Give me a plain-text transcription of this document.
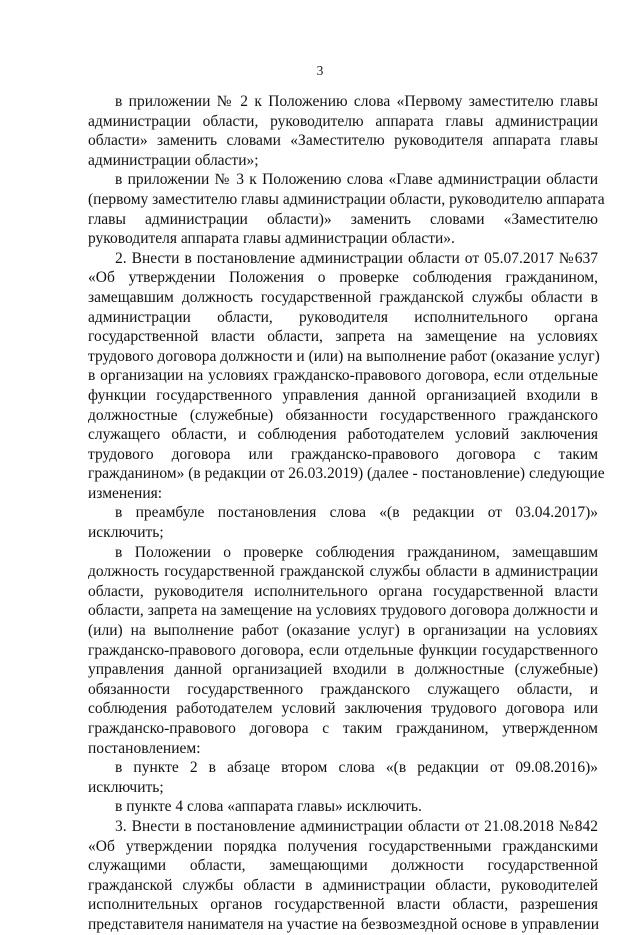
3
в приложении № 2 к Положению слова «Первому заместителю главы
администрации области, руководителю аппарата главы администрации
области» заменить словами «Заместителю руководителя аппарата главы
администрации области»;
в приложении № 3 к Положению слова «Главе администрации области
(первому заместителю главы администрации области, руководителю аппарата
главы администрации области)» заменить словами «Заместителю
руководителя аппарата главы администрации области».
2. Внести в постановление администрации области от 05.07.2017 №637
«Об утверждении Положения о проверке соблюдения гражданином,
замещавшим должность государственной гражданской службы области в
администрации области, руководителя исполнительного органа
государственной власти области, запрета на замещение на условиях
трудового договора должности и (или) на выполнение работ (оказание услуг)
в организации на условиях гражданско-правового договора, если отдельные
функции государственного управления данной организацией входили в
должностные (служебные) обязанности государственного гражданского
служащего области, и соблюдения работодателем условий заключения
трудового договора или гражданско-правового договора с таким
гражданином» (в редакции от 26.03.2019) (далее - постановление) следующие
изменения:
в преамбуле постановления слова «(в редакции от 03.04.2017)»
исключить;
в Положении о проверке соблюдения гражданином, замещавшим
должность государственной гражданской службы области в администрации
области, руководителя исполнительного органа государственной власти
области, запрета на замещение на условиях трудового договора должности и
(или) на выполнение работ (оказание услуг) в организации на условиях
гражданско-правового договора, если отдельные функции государственного
управления данной организацией входили в должностные (служебные)
обязанности государственного гражданского служащего области, и
соблюдения работодателем условий заключения трудового договора или
гражданско-правового договора с таким гражданином, утвержденном
постановлением:
в пункте 2 в абзаце втором слова «(в редакции от 09.08.2016)»
исключить;
в пункте 4 слова «аппарата главы» исключить.
3. Внести в постановление администрации области от 21.08.2018 №842
«Об утверждении порядка получения государственными гражданскими
служащими области, замещающими должности государственной
гражданской службы области в администрации области, руководителей
исполнительных органов государственной власти области, разрешения
представителя нанимателя на участие на безвозмездной основе в управлении
